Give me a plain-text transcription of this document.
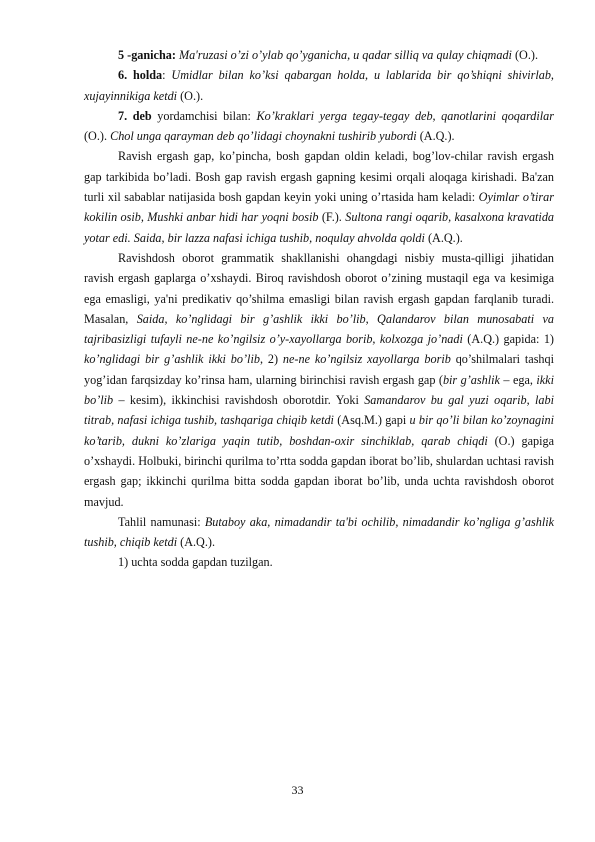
5 -ganicha: Ma'ruzasi o’zi o’ylab qo’yganicha, u qadar silliq va qulay chiqmadi (O.).

6. holda: Umidlar bilan ko’ksi qabargan holda, u lablarida bir qo’shiqni shivirlab, xujayinnikiga ketdi (O.).

7. deb yordamchisi bilan: Ko’kraklari yerga tegay-tegay deb, qanotlarini qoqardilar (O.). Chol unga qarayman deb qo’lidagi choynakni tushirib yubordi (A.Q.).

Ravish ergash gap, ko’pincha, bosh gapdan oldin keladi, bog’lov-chilar ravish ergash gap tarkibida bo’ladi. Bosh gap ravish ergash gapning kesimi orqali aloqaga kirishadi. Ba'zan turli xil sabablar natijasida bosh gapdan keyin yoki uning o’rtasida ham keladi: Oyimlar o’tirar kokilin osib, Mushki anbar hidi har yoqni bosib (F.). Sultona rangi oqarib, kasalxona kravatida yotar edi. Saida, bir lazza nafasi ichiga tushib, noqulay ahvolda qoldi (A.Q.).

Ravishdosh oborot grammatik shakllanishi ohangdagi nisbiy musta-qilligi jihatidan ravish ergash gaplarga o’xshaydi. Biroq ravishdosh oborot o’zining mustaqil ega va kesimiga ega emasligi, ya'ni predikativ qo’shilma emasligi bilan ravish ergash gapdan farqlanib turadi. Masalan, Saida, ko’nglidagi bir g’ashlik ikki bo’lib, Qalandarov bilan munosabati va tajribasizligi tufayli ne-ne ko’ngilsiz o’y-xayollarga borib, kolxozga jo’nadi (A.Q.) gapida: 1) ko’nglidagi bir g’ashlik ikki bo’lib, 2) ne-ne ko’ngilsiz xayollarga borib qo’shilmalari tashqi yog’idan farqsizday ko’rinsa ham, ularning birinchisi ravish ergash gap (bir g’ashlik – ega, ikki bo’lib – kesim), ikkinchisi ravishdosh oborotdir. Yoki Samandarov bu gal yuzi oqarib, labi titrab, nafasi ichiga tushib, tashqariga chiqib ketdi (Asq.M.) gapi u bir qo’li bilan ko’zoynagini ko’tarib, dukni ko’zlariga yaqin tutib, boshdan-oxir sinchiklab, qarab chiqdi (O.) gapiga o’xshaydi. Holbuki, birinchi qurilma to’rtta sodda gapdan iborat bo’lib, shulardan uchtasi ravish ergash gap; ikkinchi qurilma bitta sodda gapdan iborat bo’lib, unda uchta ravishdosh oborot mavjud.

Tahlil namunasi: Butaboy aka, nimadandir ta'bi ochilib, nimadandir ko’ngliga g’ashlik tushib, chiqib ketdi (A.Q.).

1) uchta sodda gapdan tuzilgan.

33
